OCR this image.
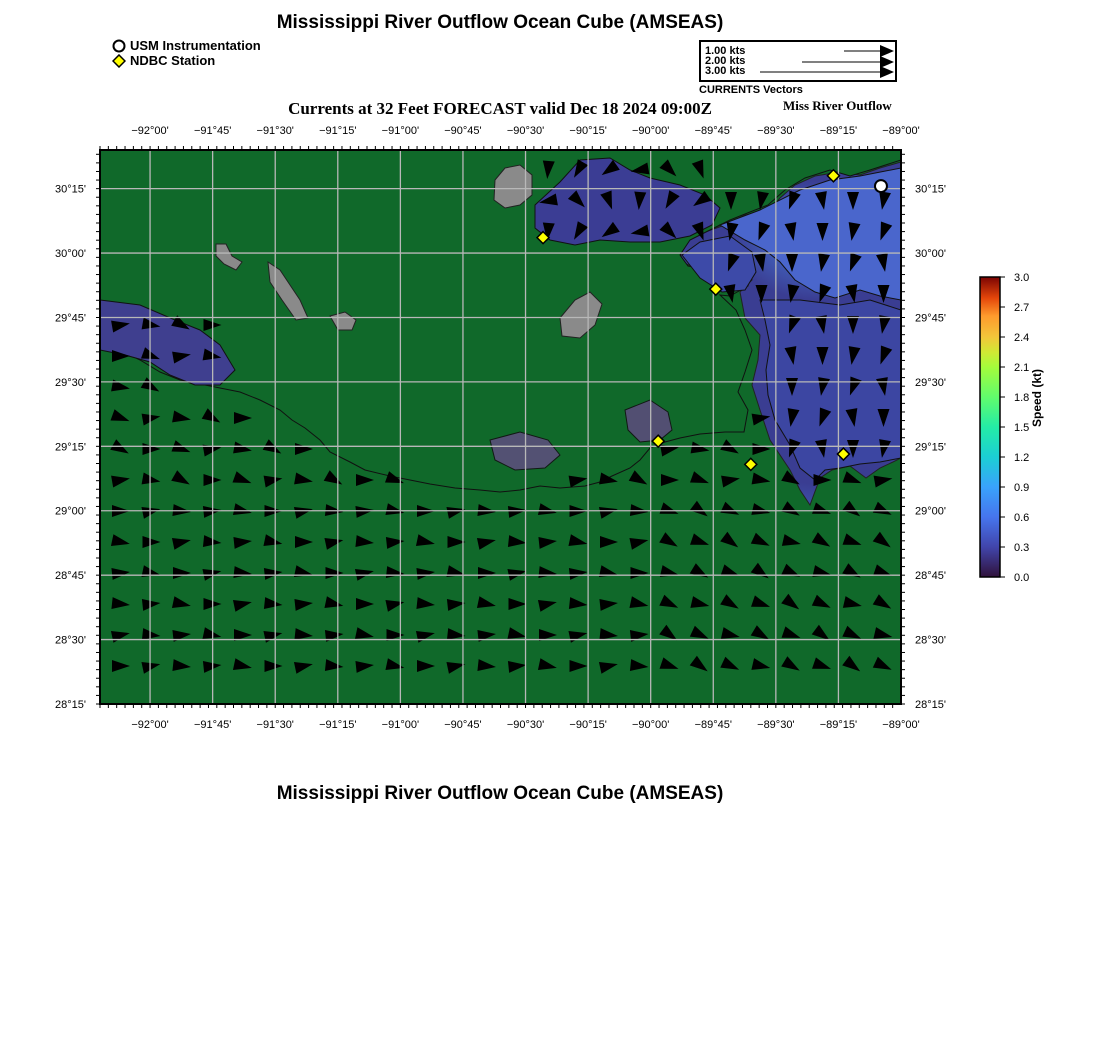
Mississippi River Outflow Ocean Cube (AMSEAS)
USM Instrumentation
NDBC Station
1.00 kts
2.00 kts
3.00 kts
CURRENTS Vectors
Currents at 32 Feet FORECAST valid Dec 18 2024 09:00Z	Miss River Outflow
−92°00' −91°45' −91°30' −91°15' −91°00' −90°45' −90°30' −90°15' −90°00' −89°45' −89°30' −89°15' −89°00'
−92°00' −91°45' −91°30' −91°15' −91°00' −90°45' −90°30' −90°15' −90°00' −89°45' −89°30' −89°15' −89°00'
30°15'
30°00'
29°45'
29°30'
29°15'
29°00'
28°45'
28°30'
28°15'
30°15'
30°00'
29°45'
29°30'
29°15'
29°00'
28°45'
28°30'
28°15'
0.0
0.3
0.6
0.9
1.2
1.5
1.8
2.1
2.4
2.7
3.0
Speed (kt)
Mississippi River Outflow Ocean Cube (AMSEAS)
